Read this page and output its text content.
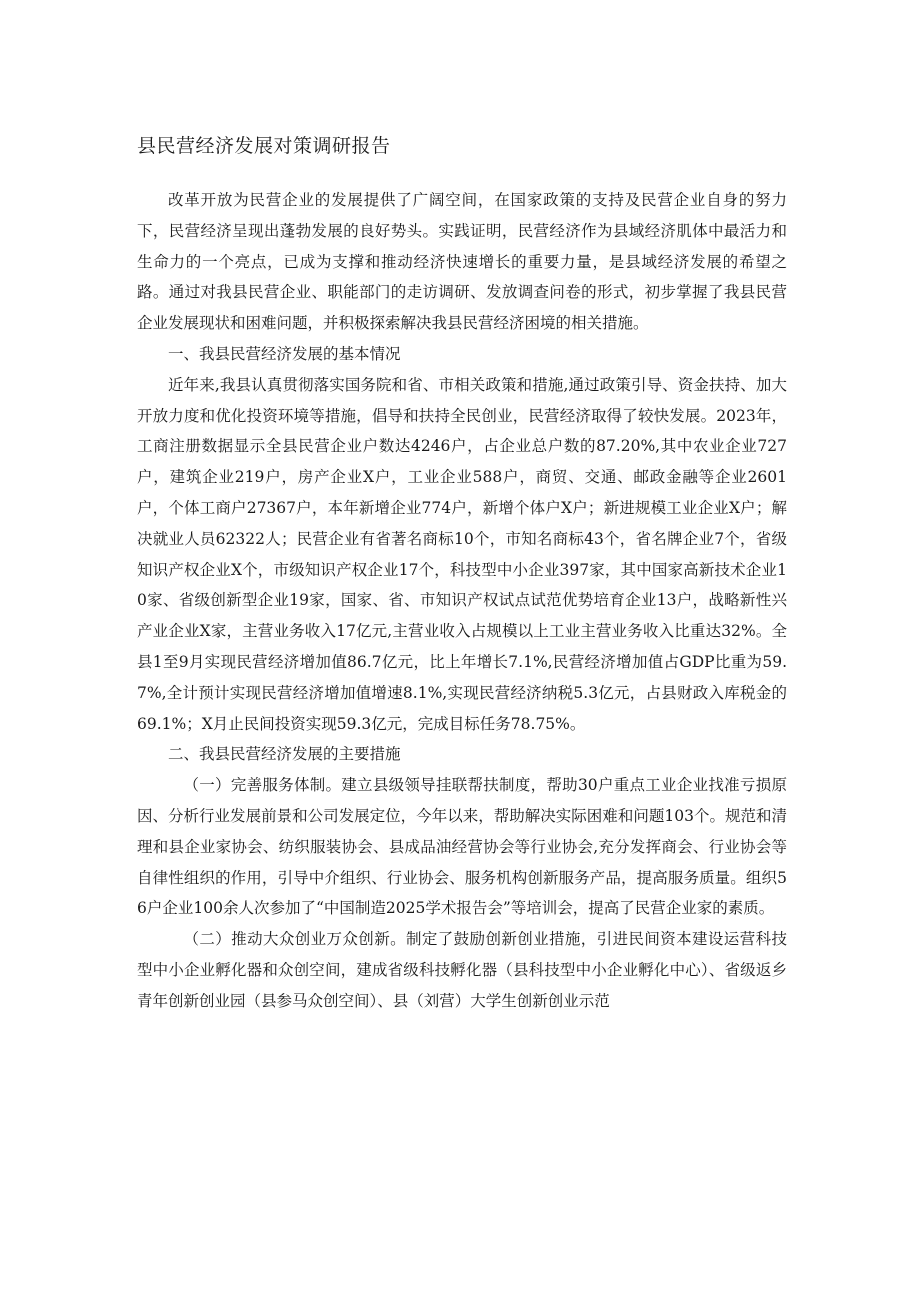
县民营经济发展对策调研报告

改革开放为民营企业的发展提供了广阔空间，在国家政策的支持及民营企业自身的努力下，民营经济呈现出蓬勃发展的良好势头。实践证明，民营经济作为县域经济肌体中最活力和生命力的一个亮点，已成为支撑和推动经济快速增长的重要力量，是县域经济发展的希望之路。通过对我县民营企业、职能部门的走访调研、发放调查问卷的形式，初步掌握了我县民营企业发展现状和困难问题，并积极探索解决我县民营经济困境的相关措施。

一、我县民营经济发展的基本情况

近年来,我县认真贯彻落实国务院和省、市相关政策和措施,通过政策引导、资金扶持、加大开放力度和优化投资环境等措施，倡导和扶持全民创业，民营经济取得了较快发展。2023年，工商注册数据显示全县民营企业户数达4246户，占企业总户数的87.20%,其中农业企业727户，建筑企业219户，房产企业X户，工业企业588户，商贸、交通、邮政金融等企业2601户，个体工商户27367户，本年新增企业774户，新增个体户X户；新进规模工业企业X户；解决就业人员62322人；民营企业有省著名商标10个，市知名商标43个，省名牌企业7个，省级知识产权企业X个，市级知识产权企业17个，科技型中小企业397家，其中国家高新技术企业10家、省级创新型企业19家，国家、省、市知识产权试点试范优势培育企业13户，战略新性兴产业企业X家，主营业务收入17亿元,主营业收入占规模以上工业主营业务收入比重达32%。全县1至9月实现民营经济增加值86.7亿元，比上年增长7.1%,民营经济增加值占GDP比重为59.7%,全计预计实现民营经济增加值增速8.1%,实现民营经济纳税5.3亿元，占县财政入库税金的69.1%；X月止民间投资实现59.3亿元，完成目标任务78.75%。

二、我县民营经济发展的主要措施

（一）完善服务体制。建立县级领导挂联帮扶制度，帮助30户重点工业企业找准亏损原因、分析行业发展前景和公司发展定位，今年以来，帮助解决实际困难和问题103个。规范和清理和县企业家协会、纺织服装协会、县成品油经营协会等行业协会,充分发挥商会、行业协会等自律性组织的作用，引导中介组织、行业协会、服务机构创新服务产品，提高服务质量。组织56户企业100余人次参加了“中国制造2025学术报告会”等培训会，提高了民营企业家的素质。

（二）推动大众创业万众创新。制定了鼓励创新创业措施，引进民间资本建设运营科技型中小企业孵化器和众创空间，建成省级科技孵化器（县科技型中小企业孵化中心）、省级返乡青年创新创业园（县参马众创空间）、县（刘营）大学生创新创业示范
